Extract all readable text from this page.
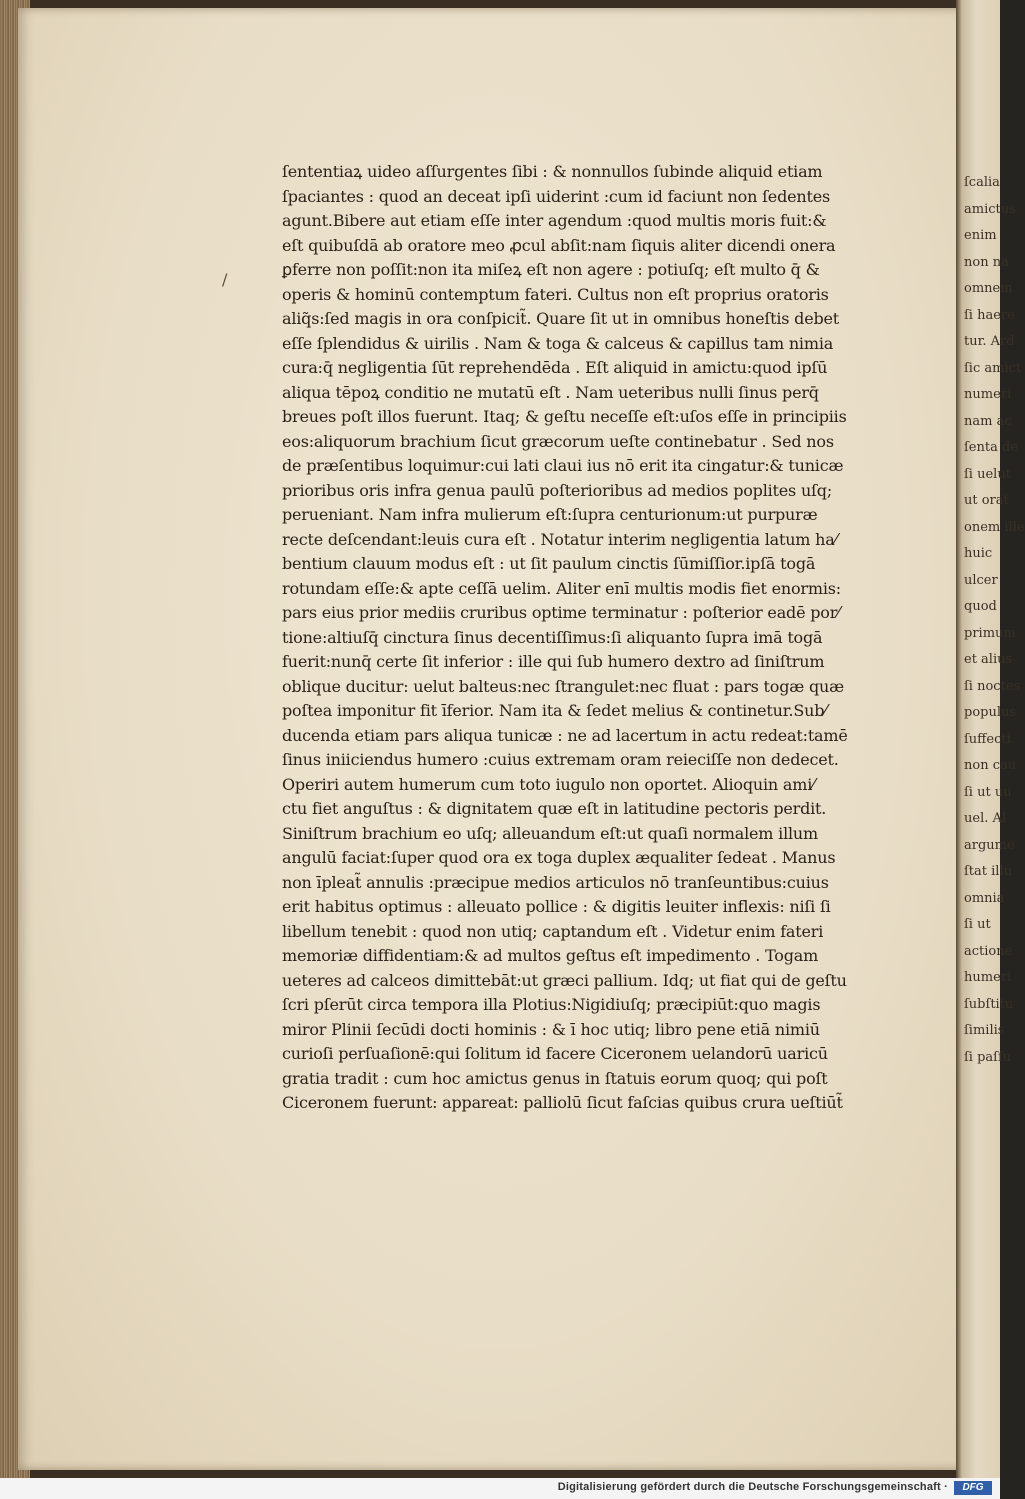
/
ſententiaꝝ uideo aſſurgentes ſibi : & nonnullos ſubinde aliquid etiam
ſpaciantes : quod an deceat ipſi uiderint :cum id faciunt non ſedentes
agunt.Bibere aut etiam eſſe inter agendum :quod multis moris fuit:&
eſt quibuſdā ab oratore meo ꝓcul abſit:nam ſiquis aliter dicendi onera
ꝑferre non poſſit:non ita miſeꝝ eſt non agere : potiuſq; eſt multo q̄ &
operis & hominū contemptum fateri. Cultus non eſt proprius oratoris
aliq̃s:ſed magis in ora conſpicit̃. Quare ſit ut in omnibus honeſtis debet
eſſe ſplendidus & uirilis . Nam & toga & calceus & capillus tam nimia
cura:q̄ negligentia ſūt reprehendēda . Eſt aliquid in amictu:quod ipſū
aliqua tēpoꝝ conditio ne mutatū eſt . Nam ueteribus nulli ſinus perq̄
breues poſt illos fuerunt. Itaq; & geſtu neceſſe eſt:uſos eſſe in principiis
eos:aliquorum brachium ſicut græcorum ueſte continebatur . Sed nos
de præſentibus loquimur:cui lati claui ius nō erit ita cingatur:& tunicæ
prioribus oris infra genua paulū poſterioribus ad medios poplites uſq;
perueniant. Nam infra mulierum eſt:ſupra centurionum:ut purpuræ
recte deſcendant:leuis cura eſt . Notatur interim negligentia latum ha⁄
bentium clauum modus eſt : ut ſit paulum cinctis ſūmiſſior.ipſā togā
rotundam eſſe:& apte ceſſā uelim. Aliter enī multis modis fiet enormis:
pars eius prior mediis cruribus optime terminatur : poſterior eadē por⁄
tione:altiuſq̄ cinctura ſinus decentiſſimus:ſi aliquanto ſupra imā togā
fuerit:nunq̄ certe ſit inferior : ille qui ſub humero dextro ad ſiniſtrum
oblique ducitur: uelut balteus:nec ſtrangulet:nec fluat : pars togæ quæ
poſtea imponitur fit īferior. Nam ita & ſedet melius & continetur.Sub⁄
ducenda etiam pars aliqua tunicæ : ne ad lacertum in actu redeat:tamē
ſinus iniiciendus humero :cuius extremam oram reieciſſe non dedecet.
Operiri autem humerum cum toto iugulo non oportet. Alioquin ami⁄
ctu fiet anguſtus : & dignitatem quæ eſt in latitudine pectoris perdit.
Siniſtrum brachium eo uſq; alleuandum eſt:ut quaſi normalem illum
angulū faciat:ſuper quod ora ex toga duplex æqualiter ſedeat . Manus
non īpleat̃ annulis :præcipue medios articulos nō tranſeuntibus:cuius
erit habitus optimus : alleuato pollice : & digitis leuiter inflexis: niſi ſi
libellum tenebit : quod non utiq; captandum eſt . Videtur enim fateri
memoriæ diffidentiam:& ad multos geſtus eſt impedimento . Togam
ueteres ad calceos dimittebāt:ut græci pallium. Idq; ut fiat qui de geſtu
ſcri pſerūt circa tempora illa Plotius:Nigidiuſq; præcipiūt:quo magis
miror Plinii ſecūdi docti hominis : & ī hoc utiq; libro pene etiā nimiū
curioſi perſuaſionē:qui ſolitum id facere Ciceronem uelandorū uaricū
gratia tradit : cum hoc amictus genus in ſtatuis eorum quoq; qui poſt
Ciceronem fuerunt: appareat: palliolū ſicut faſcias quibus crura ueſtiūt̃
ſcalia
amictus
enim
non na
omnem
ſi haere
tur. Ard
ſic amict
numeri
nam ac
ſenta de
ſi uelut
ut orat
onem ille
huic
ulcer
quod
primum
et alius
ſi noctes
populus
ſuffecti
non cau
ſi ut uu
uel. Al
argume
ſtat illu
omnia
ſi ut
actione
humeri
ſubſtitu
ſimilis
ſi paſſu
Digitalisierung gefördert durch die Deutsche Forschungsgemeinschaft ·	DFG
